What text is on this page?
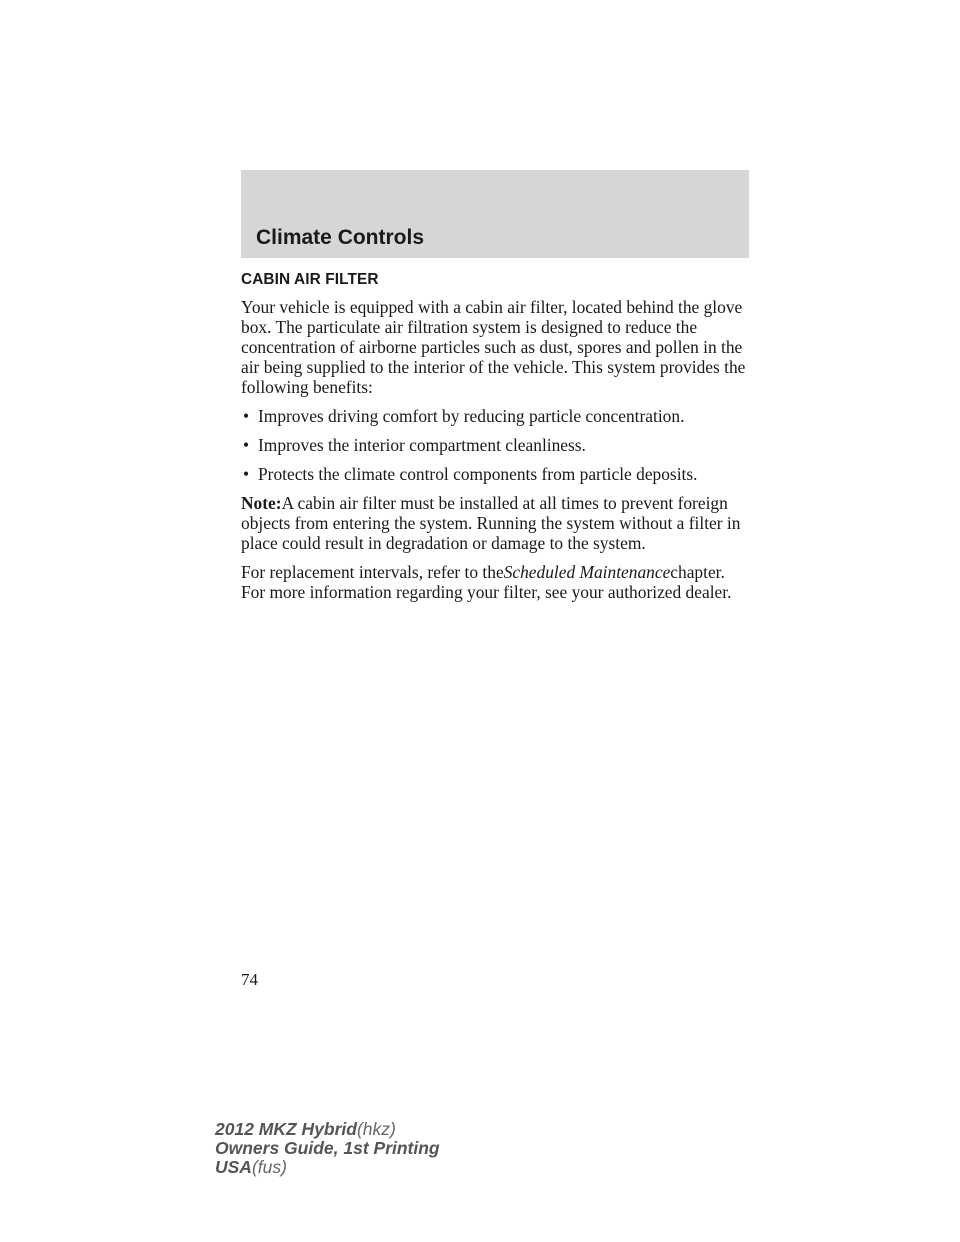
Climate Controls
CABIN AIR FILTER
Your vehicle is equipped with a cabin air filter, located behind the glove
box. The particulate air filtration system is designed to reduce the
concentration of airborne particles such as dust, spores and pollen in the
air being supplied to the interior of the vehicle. This system provides the
following benefits:
• Improves driving comfort by reducing particle concentration.
• Improves the interior compartment cleanliness.
• Protects the climate control components from particle deposits.
Note:A cabin air filter must be installed at all times to prevent foreign
objects from entering the system. Running the system without a filter in
place could result in degradation or damage to the system.
For replacement intervals, refer to theScheduled Maintenancechapter.
For more information regarding your filter, see your authorized dealer.
74
2012 MKZ Hybrid(hkz)
Owners Guide, 1st Printing
USA(fus)
